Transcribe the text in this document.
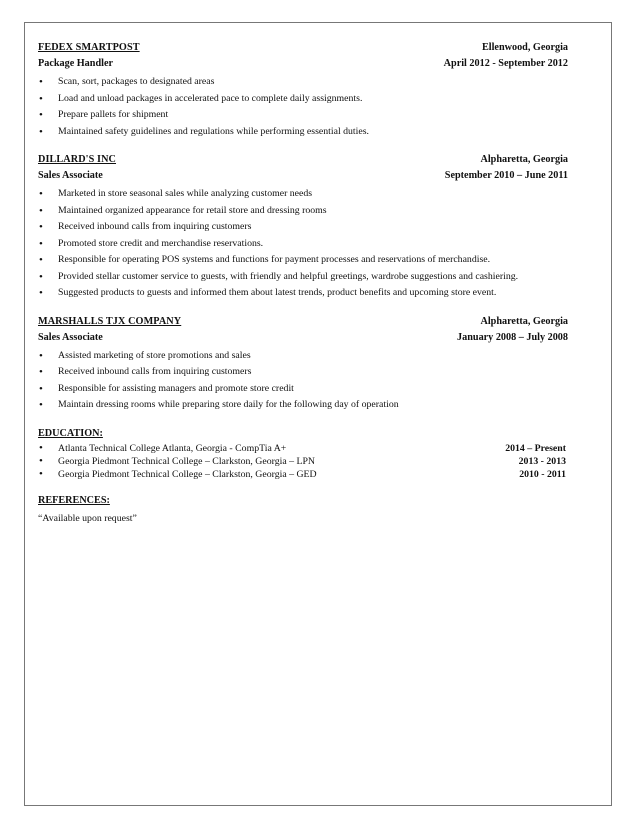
FEDEX SMARTPOST	Ellenwood, Georgia
Package Handler	April 2012 - September 2012
• Scan, sort, packages to designated areas
• Load and unload packages in accelerated pace to complete daily assignments.
• Prepare pallets for shipment
• Maintained safety guidelines and regulations while performing essential duties.
DILLARD'S INC	Alpharetta, Georgia
Sales Associate	September 2010 – June 2011
• Marketed in store seasonal sales while analyzing customer needs
• Maintained organized appearance for retail store and dressing rooms
• Received inbound calls from inquiring customers
• Promoted store credit and merchandise reservations.
• Responsible for operating POS systems and functions for payment processes and reservations of merchandise.
• Provided stellar customer service to guests, with friendly and helpful greetings, wardrobe suggestions and cashiering.
• Suggested products to guests and informed them about latest trends, product benefits and upcoming store event.
MARSHALLS TJX COMPANY	Alpharetta, Georgia
Sales Associate	January 2008 – July 2008
• Assisted marketing of store promotions and sales
• Received inbound calls from inquiring customers
• Responsible for assisting managers and promote store credit
• Maintain dressing rooms while preparing store daily for the following day of operation
EDUCATION:
• Atlanta Technical College Atlanta, Georgia - CompTia A+	2014 – Present
• Georgia Piedmont Technical College – Clarkston, Georgia – LPN	2013 - 2013
• Georgia Piedmont Technical College – Clarkston, Georgia – GED	2010 - 2011
REFERENCES:
“Available upon request”
